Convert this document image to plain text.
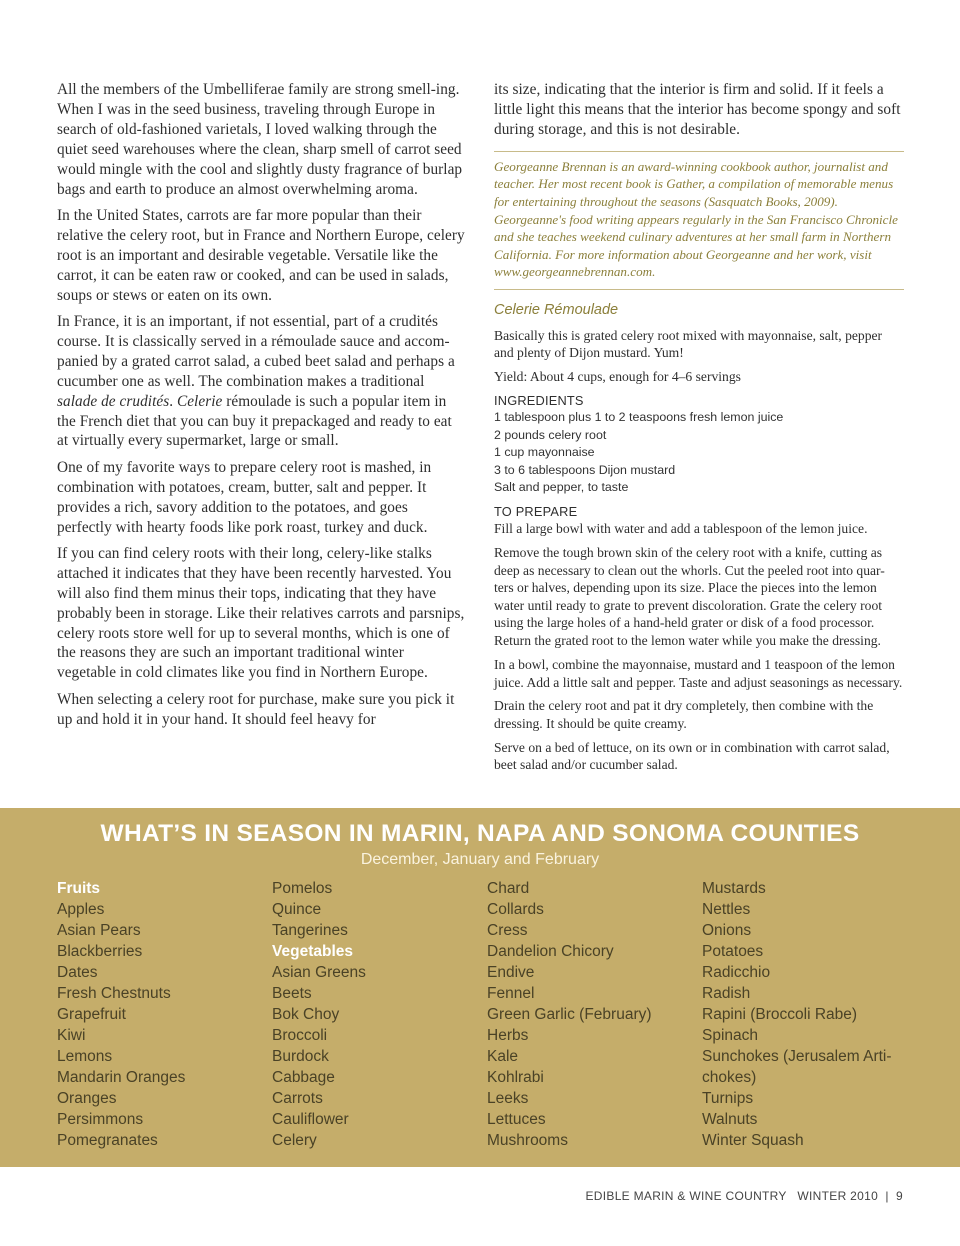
All the members of the Umbelliferae family are strong smell-ing. When I was in the seed business, traveling through Europe in search of old-fashioned varietals, I loved walking through the quiet seed warehouses where the clean, sharp smell of carrot seed would mingle with the cool and slightly dusty fragrance of burlap bags and earth to produce an almost overwhelming aroma.

In the United States, carrots are far more popular than their relative the celery root, but in France and Northern Europe, celery root is an important and desirable vegetable. Versatile like the carrot, it can be eaten raw or cooked, and can be used in salads, soups or stews or eaten on its own.

In France, it is an important, if not essential, part of a crudités course. It is classically served in a rémoulade sauce and accom-panied by a grated carrot salad, a cubed beet salad and perhaps a cucumber one as well. The combination makes a traditional salade de crudités. Celerie rémoulade is such a popular item in the French diet that you can buy it prepackaged and ready to eat at virtually every supermarket, large or small.

One of my favorite ways to prepare celery root is mashed, in combination with potatoes, cream, butter, salt and pepper. It provides a rich, savory addition to the potatoes, and goes perfectly with hearty foods like pork roast, turkey and duck.

If you can find celery roots with their long, celery-like stalks attached it indicates that they have been recently harvested. You will also find them minus their tops, indicating that they have probably been in storage. Like their relatives carrots and parsnips, celery roots store well for up to several months, which is one of the reasons they are such an important traditional winter vegetable in cold climates like you find in Northern Europe.

When selecting a celery root for purchase, make sure you pick it up and hold it in your hand. It should feel heavy for

its size, indicating that the interior is firm and solid. If it feels a little light this means that the interior has become spongy and soft during storage, and this is not desirable.

Georgeanne Brennan is an award-winning cookbook author, journalist and teacher. Her most recent book is Gather, a compilation of memorable menus for entertaining throughout the seasons (Sasquatch Books, 2009). Georgeanne's food writing appears regularly in the San Francisco Chronicle and she teaches weekend culinary adventures at her small farm in Northern California. For more information about Georgeanne and her work, visit www.georgeannebrennan.com.

Celerie Rémoulade

Basically this is grated celery root mixed with mayonnaise, salt, pepper and plenty of Dijon mustard. Yum!

Yield: About 4 cups, enough for 4–6 servings

INGREDIENTS
1 tablespoon plus 1 to 2 teaspoons fresh lemon juice
2 pounds celery root
1 cup mayonnaise
3 to 6 tablespoons Dijon mustard
Salt and pepper, to taste
TO PREPARE

Fill a large bowl with water and add a tablespoon of the lemon juice.

Remove the tough brown skin of the celery root with a knife, cutting as deep as necessary to clean out the whorls. Cut the peeled root into quar-ters or halves, depending upon its size. Place the pieces into the lemon water until ready to grate to prevent discoloration. Grate the celery root using the large holes of a hand-held grater or disk of a food processor. Return the grated root to the lemon water while you make the dressing.

In a bowl, combine the mayonnaise, mustard and 1 teaspoon of the lemon juice. Add a little salt and pepper. Taste and adjust seasonings as necessary.

Drain the celery root and pat it dry completely, then combine with the dressing. It should be quite creamy.

Serve on a bed of lettuce, on its own or in combination with carrot salad, beet salad and/or cucumber salad.

WHAT’S IN SEASON IN MARIN, NAPA AND SONOMA COUNTIES
December, January and February
Fruits
Apples
Asian Pears
Blackberries
Dates
Fresh Chestnuts
Grapefruit
Kiwi
Lemons
Mandarin Oranges
Oranges
Persimmons
Pomegranates
Pomelos
Quince
Tangerines
Vegetables
Asian Greens
Beets
Bok Choy
Broccoli
Burdock
Cabbage
Carrots
Cauliflower
Celery
Chard
Collards
Cress
Dandelion Chicory
Endive
Fennel
Green Garlic (February)
Herbs
Kale
Kohlrabi
Leeks
Lettuces
Mushrooms
Mustards
Nettles
Onions
Potatoes
Radicchio
Radish
Rapini (Broccoli Rabe)
Spinach
Sunchokes (Jerusalem Arti-
chokes)
Turnips
Walnuts
Winter Squash
EDIBLE MARIN & WINE COUNTRY   WINTER 2010  |  9
